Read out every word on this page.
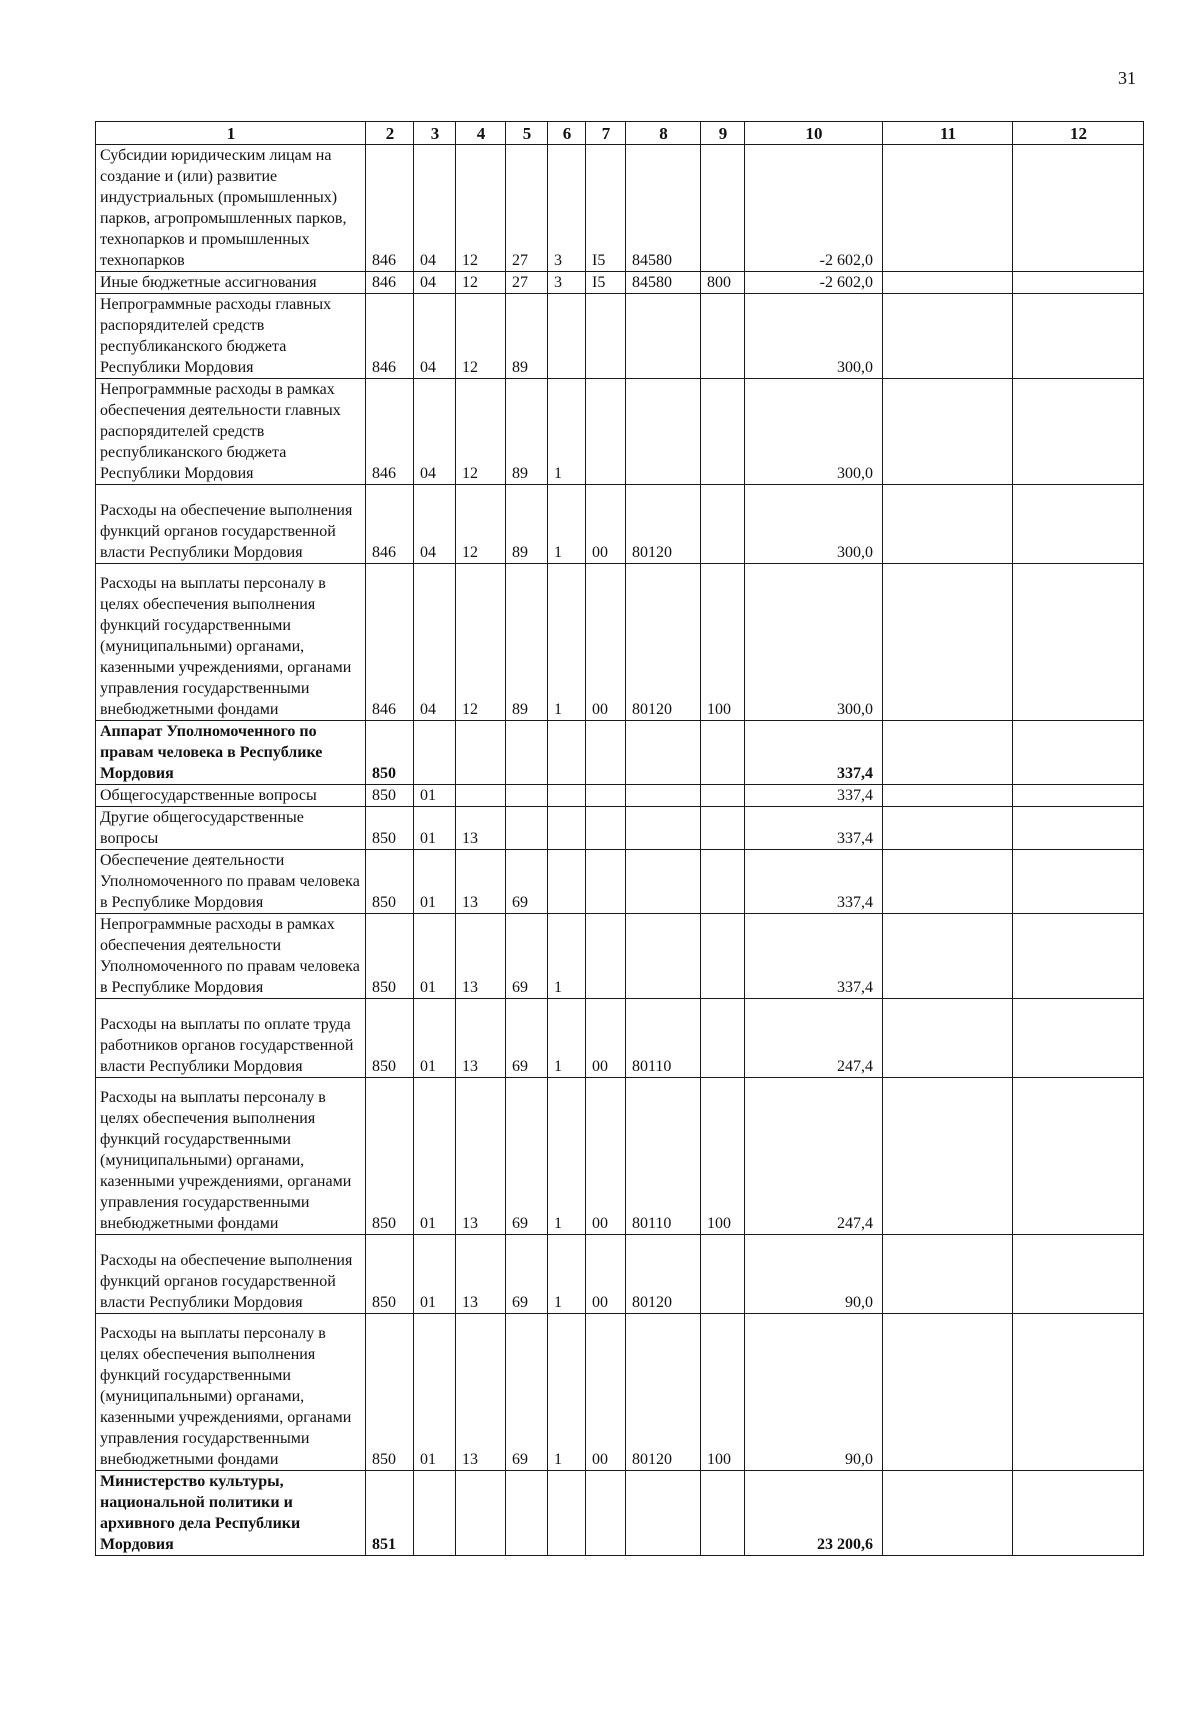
31
1	2	3	4	5	6	7	8	9	10	11	12
Субсидии юридическим лицам на создание и (или) развитие индустриальных (промышленных) парков, агропромышленных парков, технопарков и промышленных технопарков	846	04	12	27	3	I5	84580		-2 602,0		
Иные бюджетные ассигнования	846	04	12	27	3	I5	84580	800	-2 602,0		
Непрограммные расходы главных распорядителей средств республиканского бюджета Республики Мордовия	846	04	12	89					300,0		
Непрограммные расходы в рамках обеспечения деятельности главных распорядителей средств республиканского бюджета Республики Мордовия	846	04	12	89	1				300,0		
Расходы на обеспечение выполнения функций органов государственной власти Республики Мордовия	846	04	12	89	1	00	80120		300,0		
Расходы на выплаты персоналу в целях обеспечения выполнения функций государственными (муниципальными) органами, казенными учреждениями, органами управления государственными внебюджетными фондами	846	04	12	89	1	00	80120	100	300,0		
Аппарат Уполномоченного по правам человека в Республике Мордовия	850								337,4		
Общегосударственные вопросы	850	01							337,4		
Другие общегосударственные вопросы	850	01	13						337,4		
Обеспечение деятельности Уполномоченного по правам человека в Республике Мордовия	850	01	13	69					337,4		
Непрограммные расходы в рамках обеспечения деятельности Уполномоченного по правам человека в Республике Мордовия	850	01	13	69	1				337,4		
Расходы на выплаты по оплате труда работников органов государственной власти Республики Мордовия	850	01	13	69	1	00	80110		247,4		
Расходы на выплаты персоналу в целях обеспечения выполнения функций государственными (муниципальными) органами, казенными учреждениями, органами управления государственными внебюджетными фондами	850	01	13	69	1	00	80110	100	247,4		
Расходы на обеспечение выполнения функций органов государственной власти Республики Мордовия	850	01	13	69	1	00	80120		90,0		
Расходы на выплаты персоналу в целях обеспечения выполнения функций государственными (муниципальными) органами, казенными учреждениями, органами управления государственными внебюджетными фондами	850	01	13	69	1	00	80120	100	90,0		
Министерство культуры, национальной политики и архивного дела Республики Мордовия	851								23 200,6		
